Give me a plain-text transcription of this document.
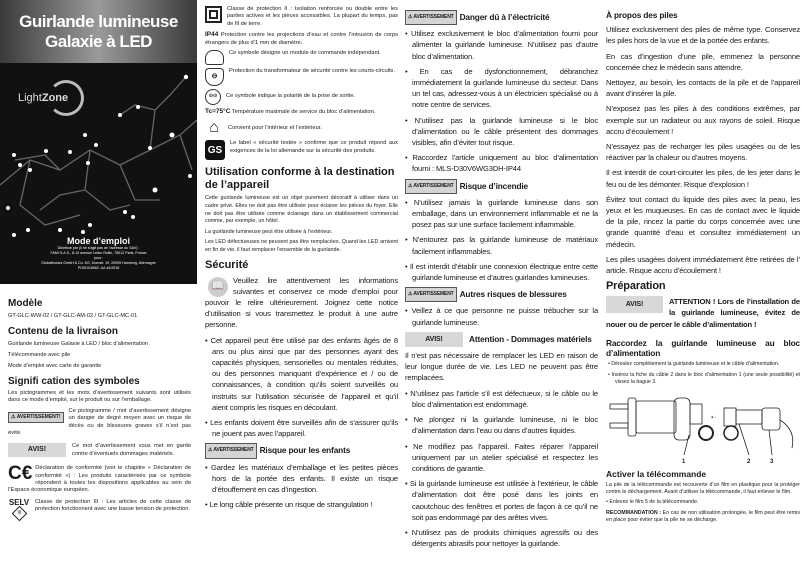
Guirlande lumineuse
Galaxie à LED
LightZone
Mode d’emploi
Distribué par (il ne s’agit pas de l’adresse du SAV) :
FAMI S.A.S., 8-10 avenue Ledru Rollin, 75012 Paris, France
pour :
Globaltronics GmbH & Co. KG, Domstr. 19, 20095 Hamburg, Allemagne
PO51018962, AA 44/2018
Modèle
GT-GLC-WW-02 / GT-GLC-AM-02 / GT-GLC-MC-01
Contenu de la livraison

Guirlande lumineuse Galaxie à LED / bloc d’alimentation

Télécommande avec pile

Mode d’emploi avec carte de garantie

Signifi cation des symboles

Les pictogrammes et les mots d’avertissement suivants sont utilisés dans ce mode d’emploi, sur le produit ou sur l’emballage.

⚠ AVERTISSEMENT!
Ce pictogramme / mot d’avertissement désigne un danger de degré moyen avec un risque de décès ou de blessures graves s’il n’est pas évité.

AVIS!	Ce mot d’avertissement vous met en garde contre d’éventuels dommages matériels.

C€ Déclaration de conformité (voir le chapitre « Déclaration de conformité ») : Les produits caractérisés par ce symbole répondent à toutes les dispositions applicables au sein de l’Espace économique européen.

SELV
III
Classe de protection III : Les articles de cette classe de protection fonctionnent avec une basse tension de protection.

Classe de protection II : Isolation renforcée ou double entre les parties actives et les pièces accessibles. La plupart du temps, pas de fil de terre.
IP44 Protection contre les projections d’eau et contre l’intrusion de corps étrangers de plus d’1 mm de diamètre.
Ce symbole désigne un module de commande indépendant.
⊖
Protection du transformateur de sécurité contre les courts-circuits.
⊙⊙	Ce symbole indique la polarité de la prise de sortie.
Tc=75°C Température maximale de service du bloc d’alimentation.
⌂	Convient pour l’intérieur et l’extérieur.
GS
Le label « sécurité testée » confirme que ce produit répond aux exigences de la loi allemande sur la sécurité des produits.
Utilisation conforme à la destination de l’appareil

Cette guirlande lumineuse est un objet purement décoratif à utiliser dans un cadre privé. Elles ne doit pas être utilisée pour éclairer les pièces du foyer. Elle ne doit pas être utilisée comme éclairage dans un établissement commercial comme, par exemple, un hôtel.

La guirlande lumineuse peut être utilisée à l’extérieur.

Les LED défectueuses ne peuvent pas être remplacées. Quand les LED arrivent en fin de vie, il faut remplacer l’ensemble de la guirlande.

Sécurité

📖
Veuillez lire attentivement les informations suivantes et conservez ce mode d’emploi pour pouvoir le relire ultérieurement. Joignez cette notice d’utilisation si vous transmettez le produit à une autre personne.

• Cet appareil peut être utilisé par des enfants âgés de 8 ans ou plus ainsi que par des personnes ayant des capacités physiques, sensorielles ou mentales réduites, ou des personnes manquant d’expérience et / ou de connaissances, à condition qu’ils soient surveillés ou instruits sur l’utilisation sécurisée de l’appareil et qu’il aient compris les risques en découlant.
• Les enfants doivent être surveillés afin de s’assurer qu’ils ne jouent pas avec l’appareil.
⚠ AVERTISSEMENT Risque pour les enfants
• Gardez les matériaux d’emballage et les petites pièces hors de la portée des enfants. Il existe un risque d’étouffement en cas d’ingestion.
• Le long câble présente un risque de strangulation !
⚠ AVERTISSEMENT Danger dû à l’électricité
• Utilisez exclusivement le bloc d’alimentation fourni pour alimenter la guirlande lumineuse. N’utilisez pas d’autre bloc d’alimentation.
• En cas de dysfonctionnement, débranchez immédiatement la guirlande lumineuse du secteur. Dans un tel cas, adressez-vous à un électricien spécialisé ou à notre centre de services.
• N’utilisez pas la guirlande lumineuse si le bloc d’alimentation ou le câble présentent des dommages visibles, afin d’éviter tout risque.
• Raccordez l’article uniquement au bloc d’alimentation fourni : MLS-D30V6WG3DH-IP44
⚠ AVERTISSEMENT Risque d’incendie
• N’utilisez jamais la guirlande lumineuse dans son emballage, dans un environnement inflammable et ne la posez pas sur une surface facilement inflammable.
• N’entourez pas la guirlande lumineuse de matériaux facilement inflammables.
• Il est interdit d’établir une connexion électrique entre cette guirlande lumineuse et d’autres guirlandes lumineuses.
⚠ AVERTISSEMENT Autres risques de blessures
• Veillez à ce que personne ne puisse trébucher sur la guirlande lumineuse.
AVIS!	Attention - Dommages matériels

Il n’est pas nécessaire de remplacer les LED en raison de leur longue durée de vie. Les LED ne peuvent pas être remplacées.

• N’utilisez pas l’article s’il est défectueux, si le câble ou le bloc d’alimentation est endommagé.
• Ne plongez ni la guirlande lumineuse, ni le bloc d’alimentation dans l’eau ou dans d’autres liquides.
• Ne modifiez pas l’appareil. Faites réparer l’appareil uniquement par un atelier spécialisé et respectez les conditions de garantie.
• Si la guirlande lumineuse est utilisée à l’extérieur, le câble d’alimentation doit être posé dans les joints en caoutchouc des fenêtres et portes de façon à ce qu’il ne soit pas endommagé par des arêtes vives.
• N’utilisez pas de produits chimiques agressifs ou des détergents abrasifs pour nettoyer la guirlande.
À propos des piles

Utilisez exclusivement des piles de même type. Conservez les piles hors de la vue et de la portée des enfants.

En cas d’ingestion d’une pile, emmenez la personne concernée chez le médecin sans attendre.

Nettoyez, au besoin, les contacts de la pile et de l’appareil avant d’insérer la pile.

N’exposez pas les piles à des conditions extrêmes, par exemple sur un radiateur ou aux rayons de soleil. Risque accru d’écoulement !

N’essayez pas de recharger les piles usagées ou de les réactiver par la chaleur ou d’autres moyens.

Il est interdit de court-circuiter les piles, de les jeter dans le feu ou de les démonter. Risque d’explosion !

Évitez tout contact du liquide des piles avec la peau, les yeux et les muqueuses. En cas de contact avec le liquide de la pile, rincez la partie du corps concernée avec une grande quantité d’eau et consultez immédiatement un médecin.

Les piles usagées doivent immédiatement être retirées de l’ article. Risque accru d’écoulement !

Préparation

AVIS!	ATTENTION ! Lors de l’installation de la guirlande lumineuse, évitez de nouer ou de percer le câble d’alimentation !

Raccordez la guirlande lumineuse au bloc d’alimentation
• Déroulez complètement la guirlande lumineuse et le câble d’alimentation.
• Insérez la fiche du câble 2 dans le bloc d’alimentation 1 (une seule possibilité) et vissez la bague 3.
⇠
1	2	3
Activer la télécommande

La pile de la télécommande est recouverte d’un film en plastique pour la protéger contre le déchargement. Avant d’utiliser la télécommande, il faut enlever le film.

• Enlevez le film 5 de la télécommande.

RECOMMANDATION : En cas de non utilisation prolongée, le film peut être remis en place pour éviter que la pile ne se décharge.
